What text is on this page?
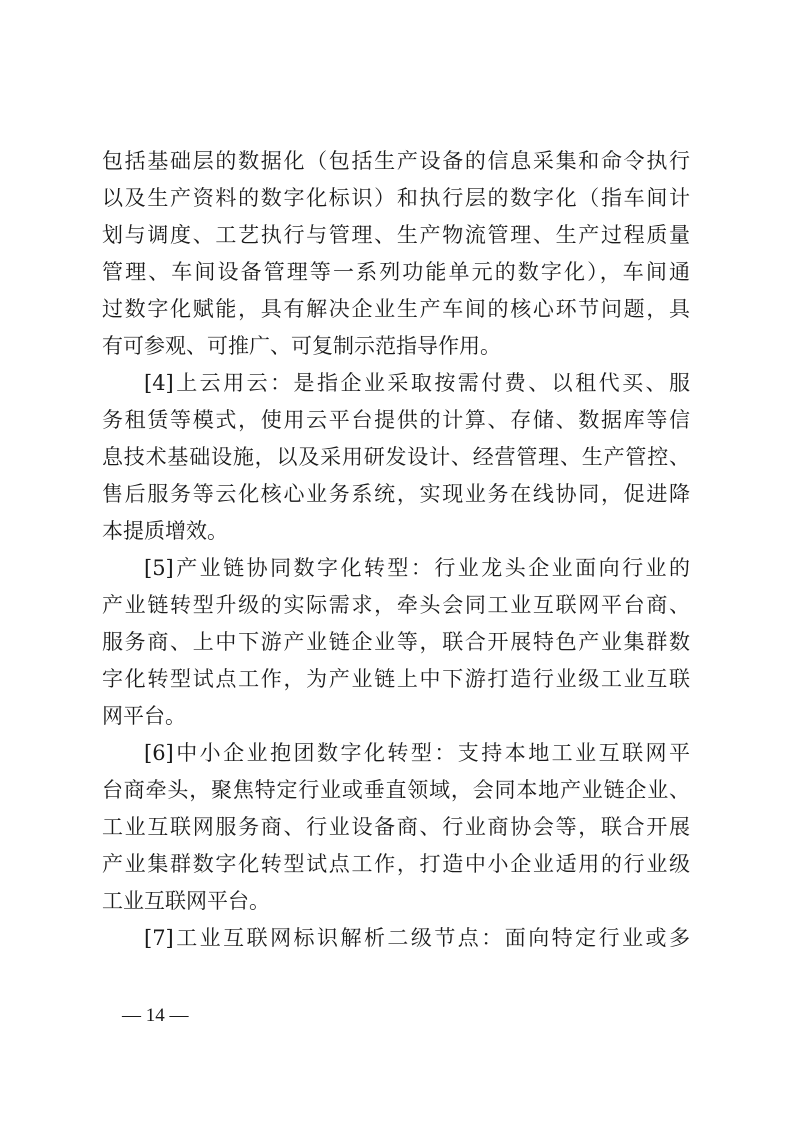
包括基础层的数据化（包括生产设备的信息采集和命令执行
以及生产资料的数字化标识）和执行层的数字化（指车间计
划与调度、工艺执行与管理、生产物流管理、生产过程质量
管理、车间设备管理等一系列功能单元的数字化），车间通
过数字化赋能，具有解决企业生产车间的核心环节问题，具
有可参观、可推广、可复制示范指导作用。
[4]上云用云：是指企业采取按需付费、以租代买、服
务租赁等模式，使用云平台提供的计算、存储、数据库等信
息技术基础设施，以及采用研发设计、经营管理、生产管控、
售后服务等云化核心业务系统，实现业务在线协同，促进降
本提质增效。
[5]产业链协同数字化转型：行业龙头企业面向行业的
产业链转型升级的实际需求，牵头会同工业互联网平台商、
服务商、上中下游产业链企业等，联合开展特色产业集群数
字化转型试点工作，为产业链上中下游打造行业级工业互联
网平台。
[6]中小企业抱团数字化转型：支持本地工业互联网平
台商牵头，聚焦特定行业或垂直领域，会同本地产业链企业、
工业互联网服务商、行业设备商、行业商协会等，联合开展
产业集群数字化转型试点工作，打造中小企业适用的行业级
工业互联网平台。
[7]工业互联网标识解析二级节点：面向特定行业或多
— 14 —
